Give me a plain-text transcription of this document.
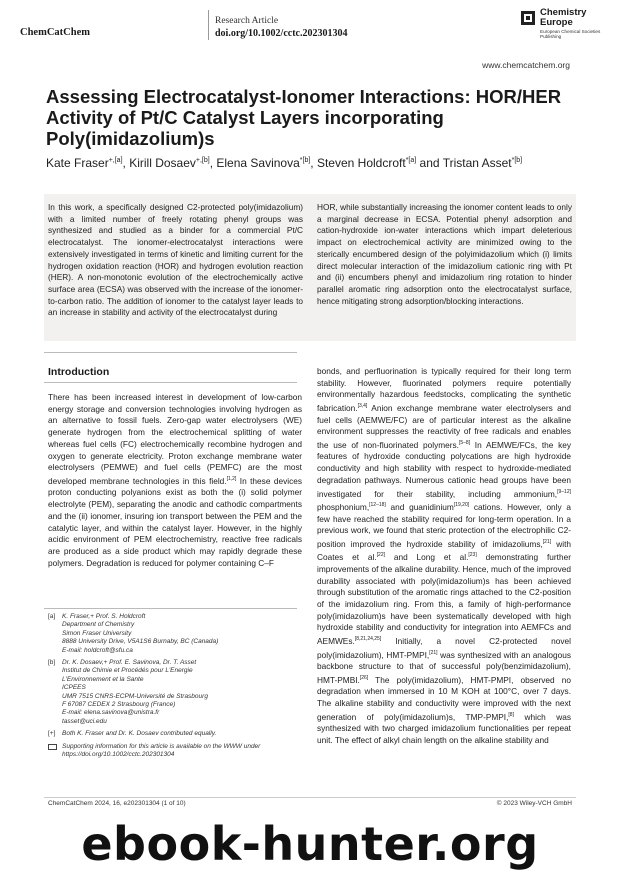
ChemCatChem
Research Article
doi.org/10.1002/cctc.202301304
Chemistry Europe
European Chemical Societies Publishing
www.chemcatchem.org
Assessing Electrocatalyst-Ionomer Interactions: HOR/HER Activity of Pt/C Catalyst Layers incorporating Poly(imidazolium)s
Kate Fraser$^{+,[a]}$, Kirill Dosaev$^{+,[b]}$, Elena Savinova$^{*[b]}$, Steven Holdcroft$^{*[a]}$ and Tristan Asset$^{*[b]}$

In this work, a specifically designed C2-protected poly(imidazolium) with a limited number of freely rotating phenyl groups was synthesized and studied as a binder for a commercial Pt/C electrocatalyst. The ionomer-electrocatalyst interactions were extensively investigated in terms of kinetic and limiting current for the hydrogen oxidation reaction (HOR) and hydrogen evolution reaction (HER). A non-monotonic evolution of the electrochemically active surface area (ECSA) was observed with the increase of the ionomer-to-carbon ratio. The addition of ionomer to the catalyst layer leads to an increase in stability and activity of the electrocatalyst during

HOR, while substantially increasing the ionomer content leads to only a marginal decrease in ECSA. Potential phenyl adsorption and cation-hydroxide ion-water interactions which impart deleterious impact on electrochemical activity are minimized owing to the sterically encumbered design of the polyimidazolium which (i) limits direct molecular interaction of the imidazolium cationic ring with Pt and (ii) encumbers phenyl and imidazolium ring rotation to hinder parallel aromatic ring adsorption onto the electrocatalyst surface, hence mitigating strong adsorption/blocking interactions.

Introduction

There has been increased interest in development of low-carbon energy storage and conversion technologies involving hydrogen as an alternative to fossil fuels. Zero-gap water electrolysers (WE) generate hydrogen from the electrochemical splitting of water whereas fuel cells (FC) electrochemically recombine hydrogen and oxygen to generate electricity. Proton exchange membrane water electrolysers (PEMWE) and fuel cells (PEMFC) are the most developed membrane technologies in this field.[1,2] In these devices proton conducting polyanions exist as both the (i) solid polymer electrolyte (PEM), separating the anodic and cathodic compartments and the (ii) ionomer, insuring ion transport between the PEM and the catalytic layer, and within the catalyst layer. However, in the highly acidic environment of PEM electrochemistry, reactive free radicals are produced as a side product which may rapidly degrade these polymers. Degradation is reduced for polymer containing C–F

bonds, and perfluorination is typically required for their long term stability. However, fluorinated polymers require potentially environmentally hazardous feedstocks, complicating the synthetic fabrication.[3,4] Anion exchange membrane water electrolysers and fuel cells (AEMWE/FC) are of particular interest as the alkaline environment suppresses the reactivity of free radicals and enables the use of non-fluorinated polymers.[5–8] In AEMWE/FCs, the key features of hydroxide conducting polycations are high hydroxide conductivity and high stability with respect to hydroxide-mediated degradation pathways. Numerous cationic head groups have been investigated for their stability, including ammonium,[9–12] phosphonium,[12–18] and guanidinium[19,20] cations. However, only a few have reached the stability required for long-term operation. In a previous work, we found that steric protection of the electrophilic C2-position improved the hydroxide stability of imidazoliums,[21] with Coates et al.[22] and Long et al.[23] demonstrating further improvements of the alkaline durability. Hence, much of the improved durability associated with poly(imidazolium)s has been achieved through substitution of the aromatic rings attached to the C2-position of the imidazolium ring. From this, a family of high-performance poly(imidazolium)s have been systematically developed with high hydroxide stability and conductivity for integration into AEMFCs and AEMWEs.[8,21,24,25] Initially, a novel C2-protected novel poly(imidazolium), HMT-PMPI,[21] was synthesized with an analogous backbone structure to that of successful poly(benzimidazolium), HMT-PMBI.[26] The poly(imidazolium), HMT-PMPI, observed no degradation when immersed in 10 M KOH at 100°C, over 7 days. The alkaline stability and conductivity were improved with the next generation of poly(imidazolium)s, TMP-PMPI,[8] which was synthesized with two charged imidazolium functionalities per repeat unit. The effect of alkyl chain length on the alkaline stability and

[a]	K. Fraser,+ Prof. S. Holdcroft
Department of Chemistry
Simon Fraser University
8888 University Drive, V5A1S6 Burnaby, BC (Canada)
E-mail: holdcroft@sfu.ca
[b]	Dr. K. Dosaev,+ Prof. E. Savinova, Dr. T. Asset
Institut de Chimie et Procédés pour L'Energie
L'Environnement et la Sante
ICPEES
UMR 7515 CNRS-ECPM-Université de Strasbourg
F 67087 CEDEX 2 Strasbourg (France)
E-mail: elena.savinova@unistra.fr
tasset@uci.edu
[+]	Both K. Fraser and Dr. K. Dosaev contributed equally.
Supporting information for this article is available on the WWW under https://doi.org/10.1002/cctc.202301304
ChemCatChem 2024, 16, e202301304 (1 of 10)	© 2023 Wiley-VCH GmbH
ebook-hunter.org
